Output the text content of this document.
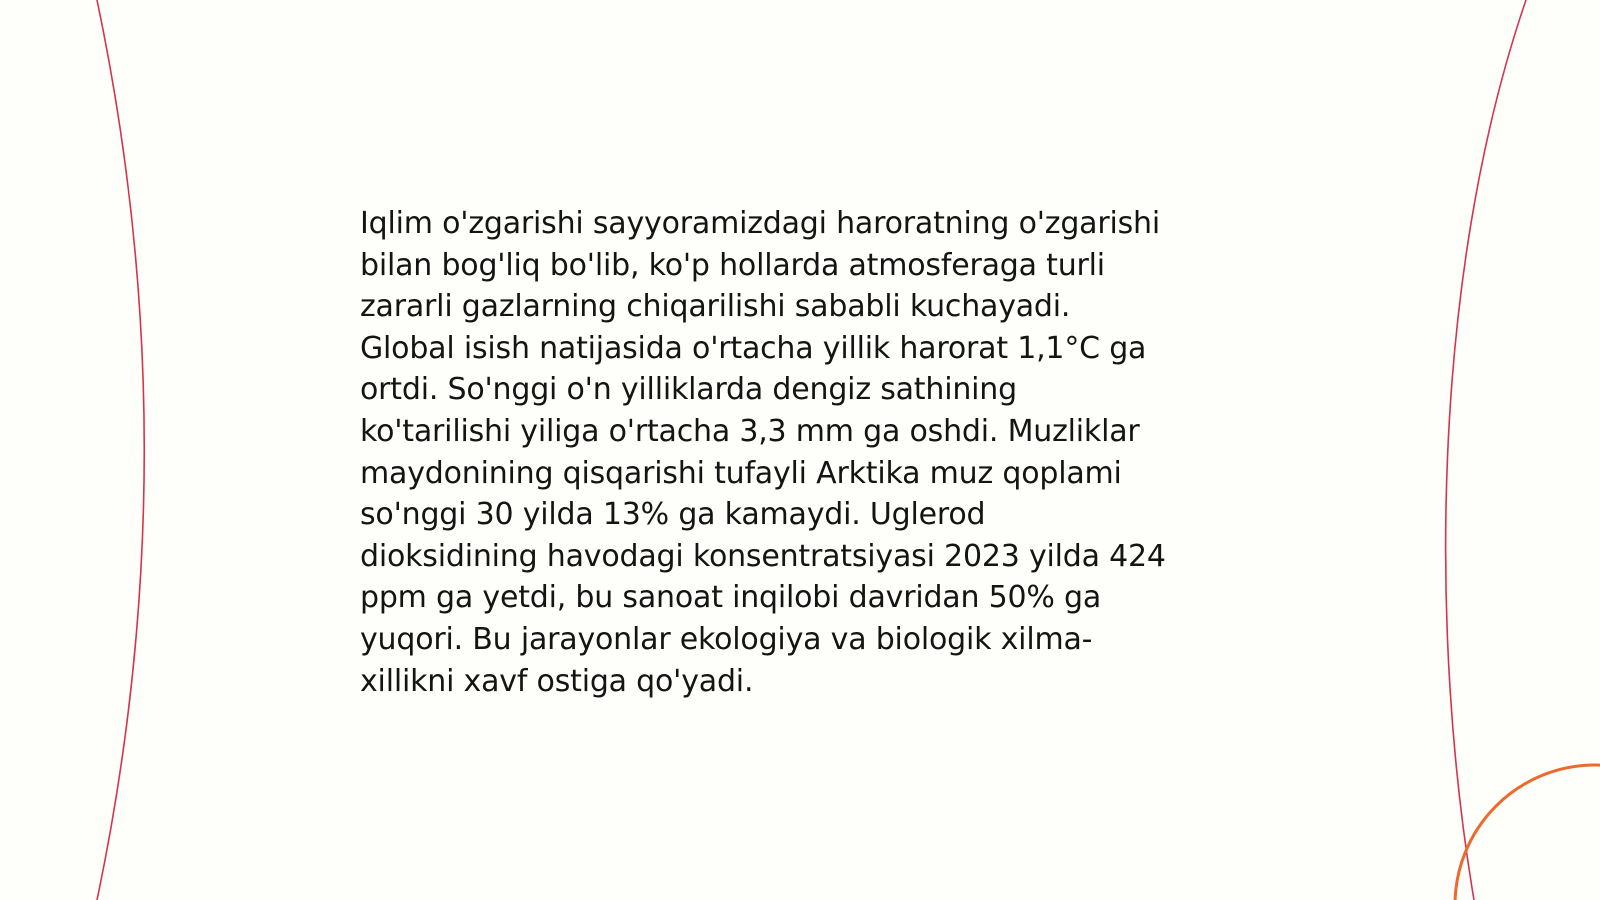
Iqlim o'zgarishi sayyoramizdagi haroratning o'zgarishi
bilan bog'liq bo'lib, ko'p hollarda atmosferaga turli
zararli gazlarning chiqarilishi sababli kuchayadi.
Global isish natijasida o'rtacha yillik harorat 1,1°C ga
ortdi. So'nggi o'n yilliklarda dengiz sathining
ko'tarilishi yiliga o'rtacha 3,3 mm ga oshdi. Muzliklar
maydonining qisqarishi tufayli Arktika muz qoplami
so'nggi 30 yilda 13% ga kamaydi. Uglerod
dioksidining havodagi konsentratsiyasi 2023 yilda 424
ppm ga yetdi, bu sanoat inqilobi davridan 50% ga
yuqori. Bu jarayonlar ekologiya va biologik xilma-
xillikni xavf ostiga qo'yadi.
